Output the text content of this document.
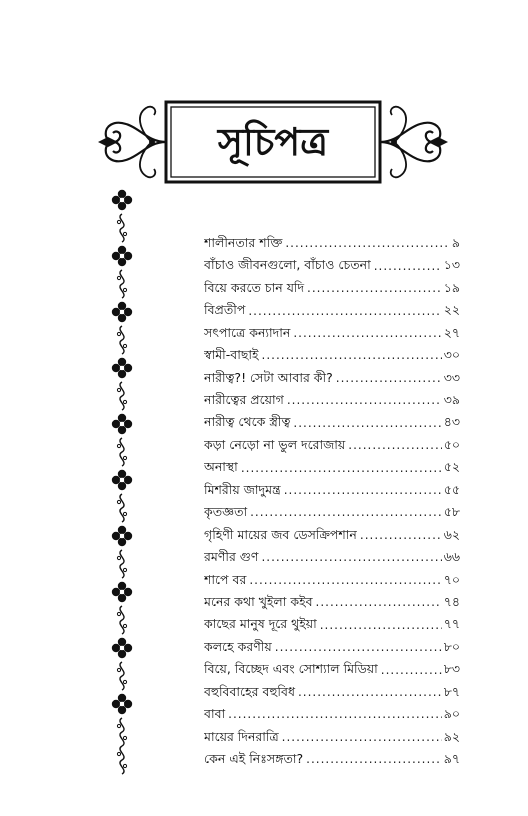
সূচিপত্র
শালীনতার শক্তি .....	৯
বাঁচাও জীবনগুলো, বাঁচাও চেতনা .....	১৩
বিয়ে করতে চান যদি .....	১৯
বিপ্রতীপ .....	২২
সৎপাত্রে কন্যাদান .....	২৭
স্বামী-বাছাই .....	৩০
নারীত্ব?! সেটা আবার কী? .....	৩৩
নারীত্বের প্রয়োগ .....	৩৯
নারীত্ব থেকে স্ত্রীত্ব .....	৪৩
কড়া নেড়ো না ভুল দরোজায় .....	৫০
অনাস্থা .....	৫২
মিশরীয় জাদুমন্ত্র .....	৫৫
কৃতজ্ঞতা .....	৫৮
গৃহিণী মায়ের জব ডেসক্রিপশান .....	৬২
রমণীর গুণ .....	৬৬
শাপে বর .....	৭০
মনের কথা খুইলা কইব .....	৭৪
কাছের মানুষ দূরে থুইয়া .....	৭৭
কলহে করণীয় .....	৮০
বিয়ে, বিচ্ছেদ এবং সোশ্যাল মিডিয়া .....	৮৩
বহুবিবাহের বহুবিধ .....	৮৭
বাবা .....	৯০
মায়ের দিনরাত্রি .....	৯২
কেন এই নিঃসঙ্গতা? .....	৯৭
